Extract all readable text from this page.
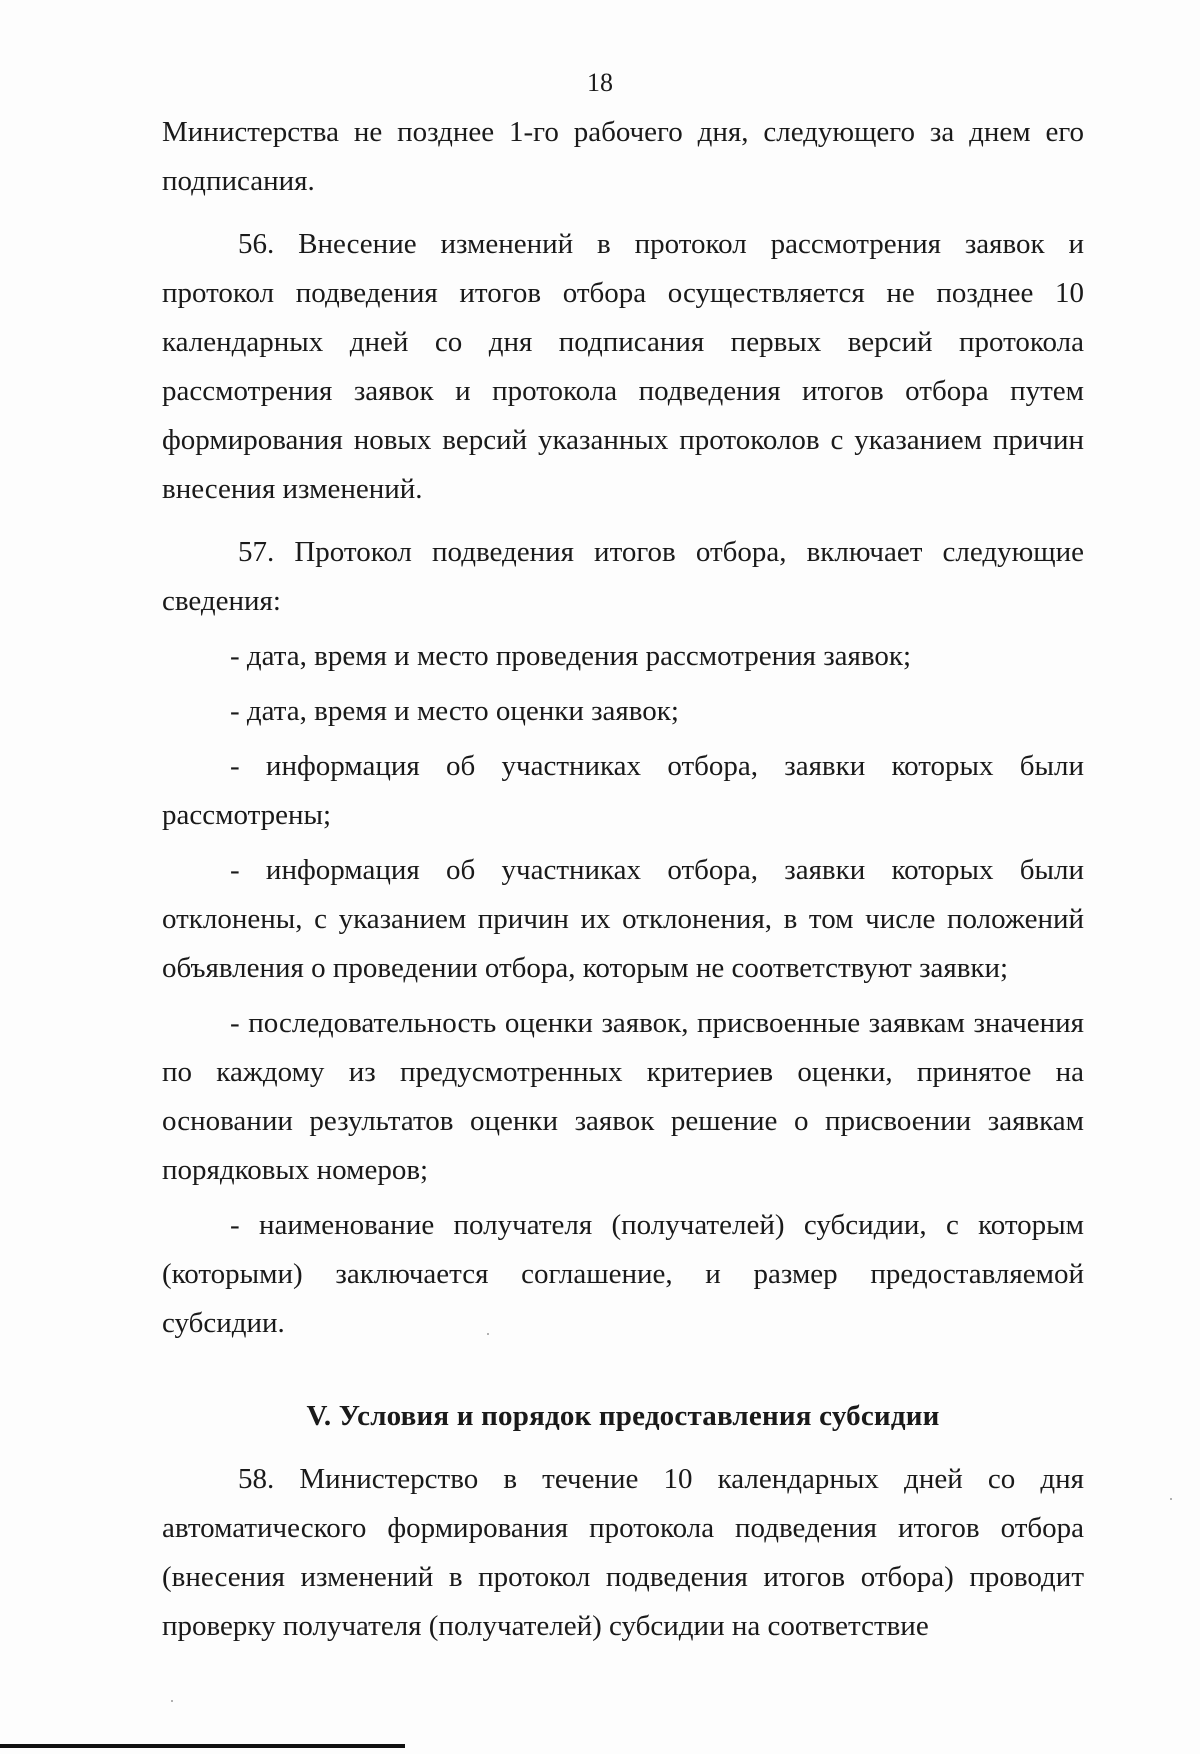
18

Министерства не позднее 1-го рабочего дня, следующего за днем его подписания.

56. Внесение изменений в протокол рассмотрения заявок и протокол подведения итогов отбора осуществляется не позднее 10 календарных дней со дня подписания первых версий протокола рассмотрения заявок и протокола подведения итогов отбора путем формирования новых версий указанных протоколов с указанием причин внесения изменений.

57. Протокол подведения итогов отбора, включает следующие сведения:

- дата, время и место проведения рассмотрения заявок;

- дата, время и место оценки заявок;

- информация об участниках отбора, заявки которых были рассмотрены;

- информация об участниках отбора, заявки которых были отклонены, с указанием причин их отклонения, в том числе положений объявления о проведении отбора, которым не соответствуют заявки;

- последовательность оценки заявок, присвоенные заявкам значения по каждому из предусмотренных критериев оценки, принятое на основании результатов оценки заявок решение о присвоении заявкам порядковых номеров;

- наименование получателя (получателей) субсидии, с которым (которыми) заключается соглашение, и размер предоставляемой субсидии.

V. Условия и порядок предоставления субсидии

58. Министерство в течение 10 календарных дней со дня автоматического формирования протокола подведения итогов отбора (внесения изменений в протокол подведения итогов отбора) проводит проверку получателя (получателей) субсидии на соответствие
